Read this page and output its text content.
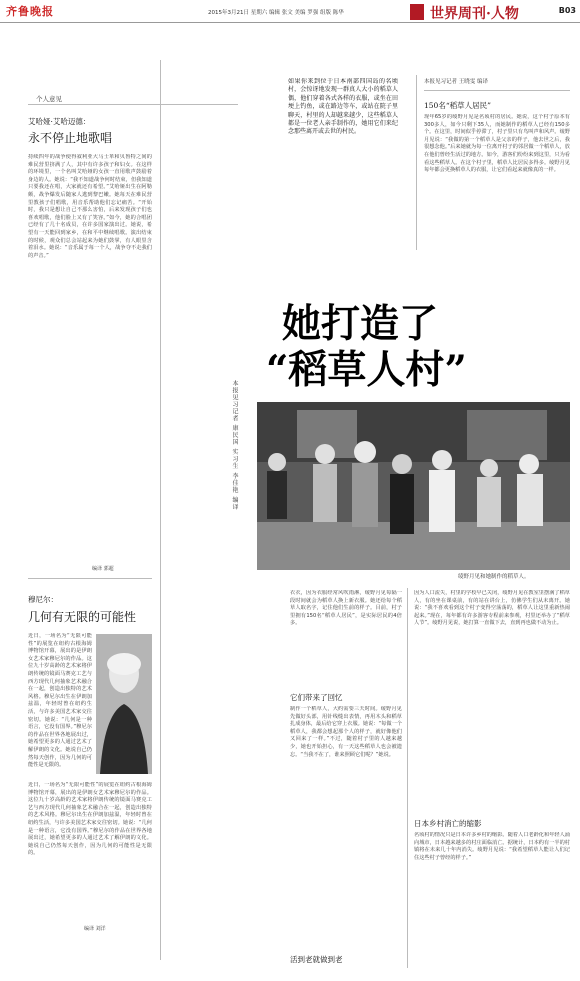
齐鲁晚报	2015年3月21日 星期六 编辑 张文 美编 罗强 组版 陈华	世界周刊·人物	B03
个人意见
艾哈娅·艾哈迈德：
永不停止地歌唱
持续四年的战争使得叙利亚大马士革和贝鲁特之间的难民营里挤满了人，其中有许多孩子和妇女。在这样的环境里，一个名叫艾哈娅的女孩一直用歌声鼓励着身边的人。她说：“我不知道战争何时结束，但我知道只要我还在唱，大家就还有希望。”艾哈娅出生在阿勒颇，战争爆发后随家人逃到黎巴嫩。她每天在难民营里教孩子们唱歌，用音乐帮助他们忘记痛苦。“开始时，我只是想让自己不那么害怕，后来发现孩子们也喜欢唱歌，他们脸上又有了笑容。”如今，她的合唱团已经有了几十名成员，在许多国家演出过。她说，希望有一天能回到家乡，在和平中继续唱歌。演出结束的时候，观众们总会站起来为她们鼓掌，有人眼里含着泪水。她说：“音乐属于每一个人，战争夺不走我们的声音。”
编译 郭超
穆尼尔：
几何有无限的可能性
近日，一场名为“无限可能性”的展览在纽约古根海姆博物馆开幕，展出的是伊朗女艺术家穆尼尔的作品。这位九十岁高龄的艺术家将伊朗传统的镜面马赛克工艺与西方现代几何抽象艺术融合在一起，创造出独特的艺术风格。穆尼尔出生在伊朗加兹温，年轻时曾在纽约生活，与许多美国艺术家交往密切。她说：“几何是一种语言，它没有国界。”穆尼尔的作品在世界各地展出过，她希望更多的人通过艺术了解伊朗的文化。她说自己仍然每天创作，因为几何的可能性是无限的。
近日，一场名为“无限可能性”的展览在纽约古根海姆博物馆开幕，展出的是伊朗女艺术家穆尼尔的作品。这位九十岁高龄的艺术家将伊朗传统的镜面马赛克工艺与西方现代几何抽象艺术融合在一起，创造出独特的艺术风格。穆尼尔出生在伊朗加兹温，年轻时曾在纽约生活，与许多美国艺术家交往密切。她说：“几何是一种语言，它没有国界。”穆尼尔的作品在世界各地展出过，她希望更多的人通过艺术了解伊朗的文化。她说自己仍然每天创作，因为几何的可能性是无限的。
编译 刘洋
如果你来到位于日本南部四国岛的名顷村，会惊讶地发现一群真人大小的稻草人偶，他们穿着各式各样的衣服，或坐在田埂上钓鱼，或在路边等车，或站在院子里聊天，村里的人却越来越少，这些稻草人都是一位老人亲手制作的，她用它们来纪念那些离开或去世的村民。
她打造了
“稻草人村”
本报见习记者 康民国 实习生 李佳艳 编译
绫野月见和她制作的稻草人。
本报见习记者 王晓雯 编译
150名“稻草人居民”
现年65岁的绫野月见是名顷村的居民。她说，这个村子原本有300多人，如今只剩下35人，而她制作的稻草人已经有150多个。在这里，时间似乎停滞了，村子里只有鸟叫声和风声。绫野月见说：“我做的第一个稻草人是父亲的样子，他去世之后，我很想念他。”后来她就为每一位离开村子的邻居做一个稻草人，放在他们曾经生活过的地方。如今，游客们纷纷来到这里，只为看看这些稻草人。在这个村子里，稻草人比居民多得多。绫野月见每年都会更换稻草人的衣服，让它们看起来就像真的一样。
衣衣，因为衣服经常风吹雨淋，绫野月见每隔一段时间就会为稻草人换上新衣服。她还给每个稻草人取名字，记住他们生前的样子。目前，村子里拥有150名“稻草人居民”，是实际居民的4倍多。
它们带来了回忆
制作一个稻草人，大约需要三天时间。绫野月见先做好头部，用针线缝出表情，再用木头和稻草扎成身体，最后给它穿上衣服。她说：“每做一个稻草人，我都会想起那个人的样子，就好像他们又回来了一样。”不过，随着村子里的人越来越少，她也开始担心，有一天这些稻草人也会被遗忘。“当我不在了，谁来照顾它们呢？”她说。
活到老就做到老
因为人口流失，村里的学校早已关闭，绫野月见在教室里摆满了稻草人，有的坐在课桌前，有的站在讲台上，仿佛学生们从未离开。她说：“我不喜欢看到这个村子变得空荡荡的，稻草人让这里重新热闹起来。”现在，每年都有许多游客专程前来参观，村里还举办了“稻草人节”。绫野月见说，她打算一直做下去，直到再也做不动为止。
日本乡村消亡的缩影
名顷村的情况只是日本许多乡村的缩影。随着人口老龄化和年轻人涌向城市，日本越来越多的村庄面临消亡。据统计，日本约有一半的村镇将在未来几十年内消失。绫野月见说：“我希望稻草人能让人们记住这些村子曾经的样子。”
